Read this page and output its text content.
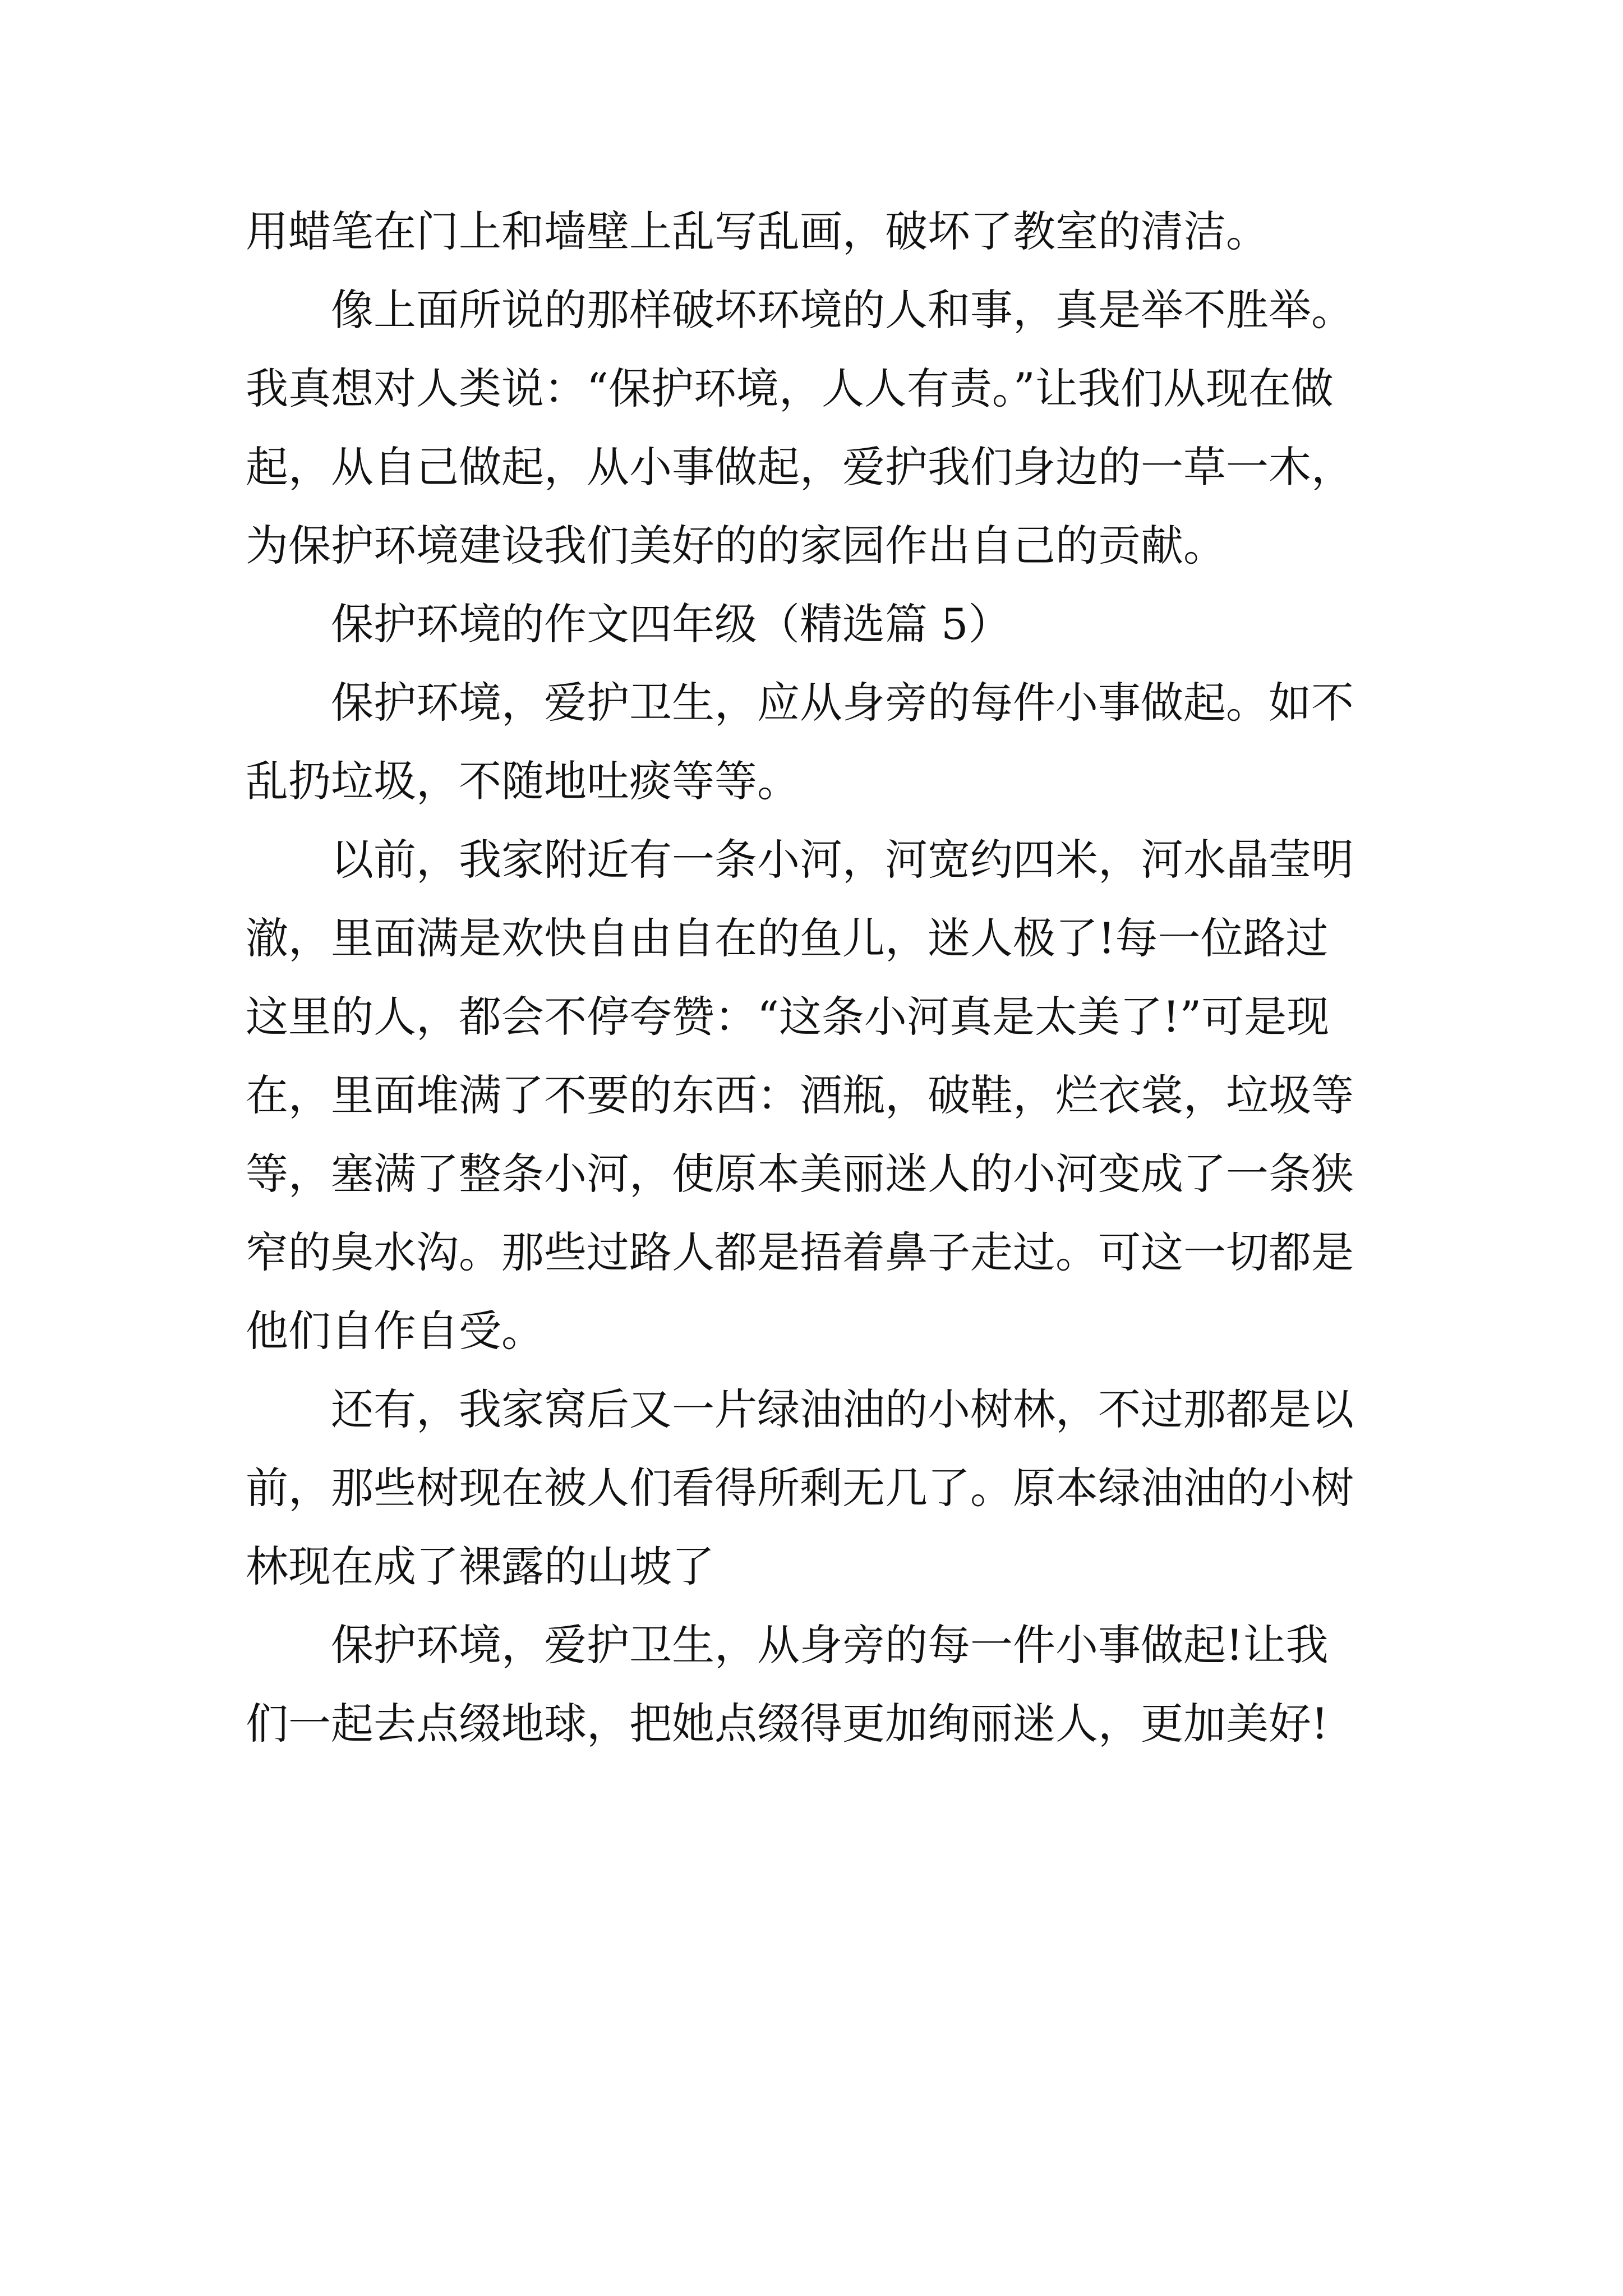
用蜡笔在门上和墙壁上乱写乱画，破坏了教室的清洁。
像上面所说的那样破坏环境的人和事，真是举不胜举。
我真想对人类说：“保护环境，人人有责。”让我们从现在做
起，从自己做起，从小事做起，爱护我们身边的一草一木，
为保护环境建设我们美好的的家园作出自己的贡献。
保护环境的作文四年级（精选篇 5）
保护环境，爱护卫生，应从身旁的每件小事做起。如不
乱扔垃圾，不随地吐痰等等。
以前，我家附近有一条小河，河宽约四米，河水晶莹明
澈，里面满是欢快自由自在的鱼儿，迷人极了!每一位路过
这里的人，都会不停夸赞：“这条小河真是太美了!”可是现
在，里面堆满了不要的东西：酒瓶，破鞋，烂衣裳，垃圾等
等，塞满了整条小河，使原本美丽迷人的小河变成了一条狭
窄的臭水沟。那些过路人都是捂着鼻子走过。可这一切都是
他们自作自受。
还有，我家窝后又一片绿油油的小树林，不过那都是以
前，那些树现在被人们看得所剩无几了。原本绿油油的小树
林现在成了裸露的山坡了
保护环境，爱护卫生，从身旁的每一件小事做起!让我
们一起去点缀地球，把她点缀得更加绚丽迷人，更加美好!
